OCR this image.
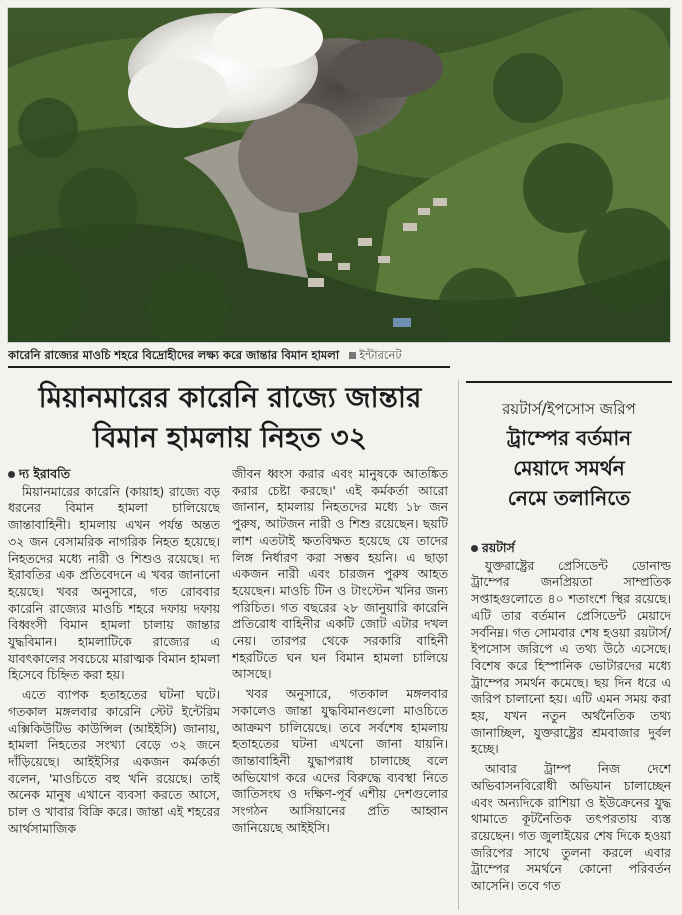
কারেনি রাজ্যের মাওচি শহরে বিদ্রোহীদের লক্ষ্য করে জান্তার বিমান হামলা ইন্টারনেট
মিয়ানমারের কারেনি রাজ্যে জান্তার
বিমান হামলায় নিহত ৩২
দ্য ইরাবতি

মিয়ানমারের কারেনি (কায়াহ) রাজ্যে বড় ধরনের বিমান হামলা চালিয়েছে জান্তাবাহিনী। হামলায় এখন পর্যন্ত অন্তত ৩২ জন বেসামরিক নাগরিক নিহত হয়েছে। নিহতদের মধ্যে নারী ও শিশুও রয়েছে। দ্য ইরাবতির এক প্রতিবেদনে এ খবর জানানো হয়েছে। খবর অনুসারে, গত রোববার কারেনি রাজ্যের মাওচি শহরে দফায় দফায় বিধ্বংসী বিমান হামলা চালায় জান্তার যুদ্ধবিমান। হামলাটিকে রাজ্যের এ যাবৎকালের সবচেয়ে মারাত্মক বিমান হামলা হিসেবে চিহ্নিত করা হয়।

এতে ব্যাপক হতাহতের ঘটনা ঘটে। গতকাল মঙ্গলবার কারেনি স্টেট ইন্টেরিম এক্সিকিউটিভ কাউন্সিল (আইইসি) জানায়, হামলা নিহতের সংখ্যা বেড়ে ৩২ জনে দাঁড়িয়েছে। আইইসির একজন কর্মকর্তা বলেন, 'মাওচিতে বহু খনি রয়েছে। তাই অনেক মানুষ এখানে ব্যবসা করতে আসে, চাল ও খাবার বিক্রি করে। জান্তা এই শহরের আর্থসামাজিক

জীবন ধ্বংস করার এবং মানুষকে আতঙ্কিত করার চেষ্টা করছে।' এই কর্মকর্তা আরো জানান, হামলায় নিহতদের মধ্যে ১৮ জন পুরুষ, আটজন নারী ও শিশু রয়েছেন। ছয়টি লাশ এতটাই ক্ষতবিক্ষত হয়েছে যে তাদের লিঙ্গ নির্ধারণ করা সম্ভব হয়নি। এ ছাড়া একজন নারী এবং চারজন পুরুষ আহত হয়েছেন। মাওচি টিন ও টাংস্টেন খনির জন্য পরিচিত। গত বছরের ২৮ জানুয়ারি কারেনি প্রতিরোধ বাহিনীর একটি জোট এটার দখল নেয়। তারপর থেকে সরকারি বাহিনী শহরটিতে ঘন ঘন বিমান হামলা চালিয়ে আসছে।

খবর অনুসারে, গতকাল মঙ্গলবার সকালেও জান্তা যুদ্ধবিমানগুলো মাওচিতে আক্রমণ চালিয়েছে। তবে সর্বশেষ হামলায় হতাহতের ঘটনা এখনো জানা যায়নি। জান্তাবাহিনী যুদ্ধাপরাধ চালাচ্ছে বলে অভিযোগ করে এদের বিরুদ্ধে ব্যবস্থা নিতে জাতিসংঘ ও দক্ষিণ-পূর্ব এশীয় দেশগুলোর সংগঠন আসিয়ানের প্রতি আহ্বান জানিয়েছে আইইসি।

রয়টার্স/ইপসোস জরিপ
ট্রাম্পের বর্তমান
মেয়াদে সমর্থন
নেমে তলানিতে
রয়টার্স

যুক্তরাষ্ট্রের প্রেসিডেন্ট ডোনাল্ড ট্রাম্পের জনপ্রিয়তা সাম্প্রতিক সপ্তাহগুলোতে ৪০ শতাংশে স্থির রয়েছে। এটি তার বর্তমান প্রেসিডেন্ট মেয়াদে সর্বনিম্ন। গত সোমবার শেষ হওয়া রয়টার্স/ইপসোস জরিপে এ তথ্য উঠে এসেছে। বিশেষ করে হিস্পানিক ভোটারদের মধ্যে ট্রাম্পের সমর্থন কমেছে। ছয় দিন ধরে এ জরিপ চালানো হয়। এটি এমন সময় করা হয়, যখন নতুন অর্থনৈতিক তথ্য জানাচ্ছিল, যুক্তরাষ্ট্রের শ্রমবাজার দুর্বল হচ্ছে।

আবার ট্রাম্প নিজ দেশে অভিবাসনবিরোধী অভিযান চালাচ্ছেন এবং অন্যদিকে রাশিয়া ও ইউক্রেনের যুদ্ধ থামাতে কূটনৈতিক তৎপরতায় ব্যস্ত রয়েছেন। গত জুলাইয়ের শেষ দিকে হওয়া জরিপের সাথে তুলনা করলে এবার ট্রাম্পের সমর্থনে কোনো পরিবর্তন আসেনি। তবে গত
